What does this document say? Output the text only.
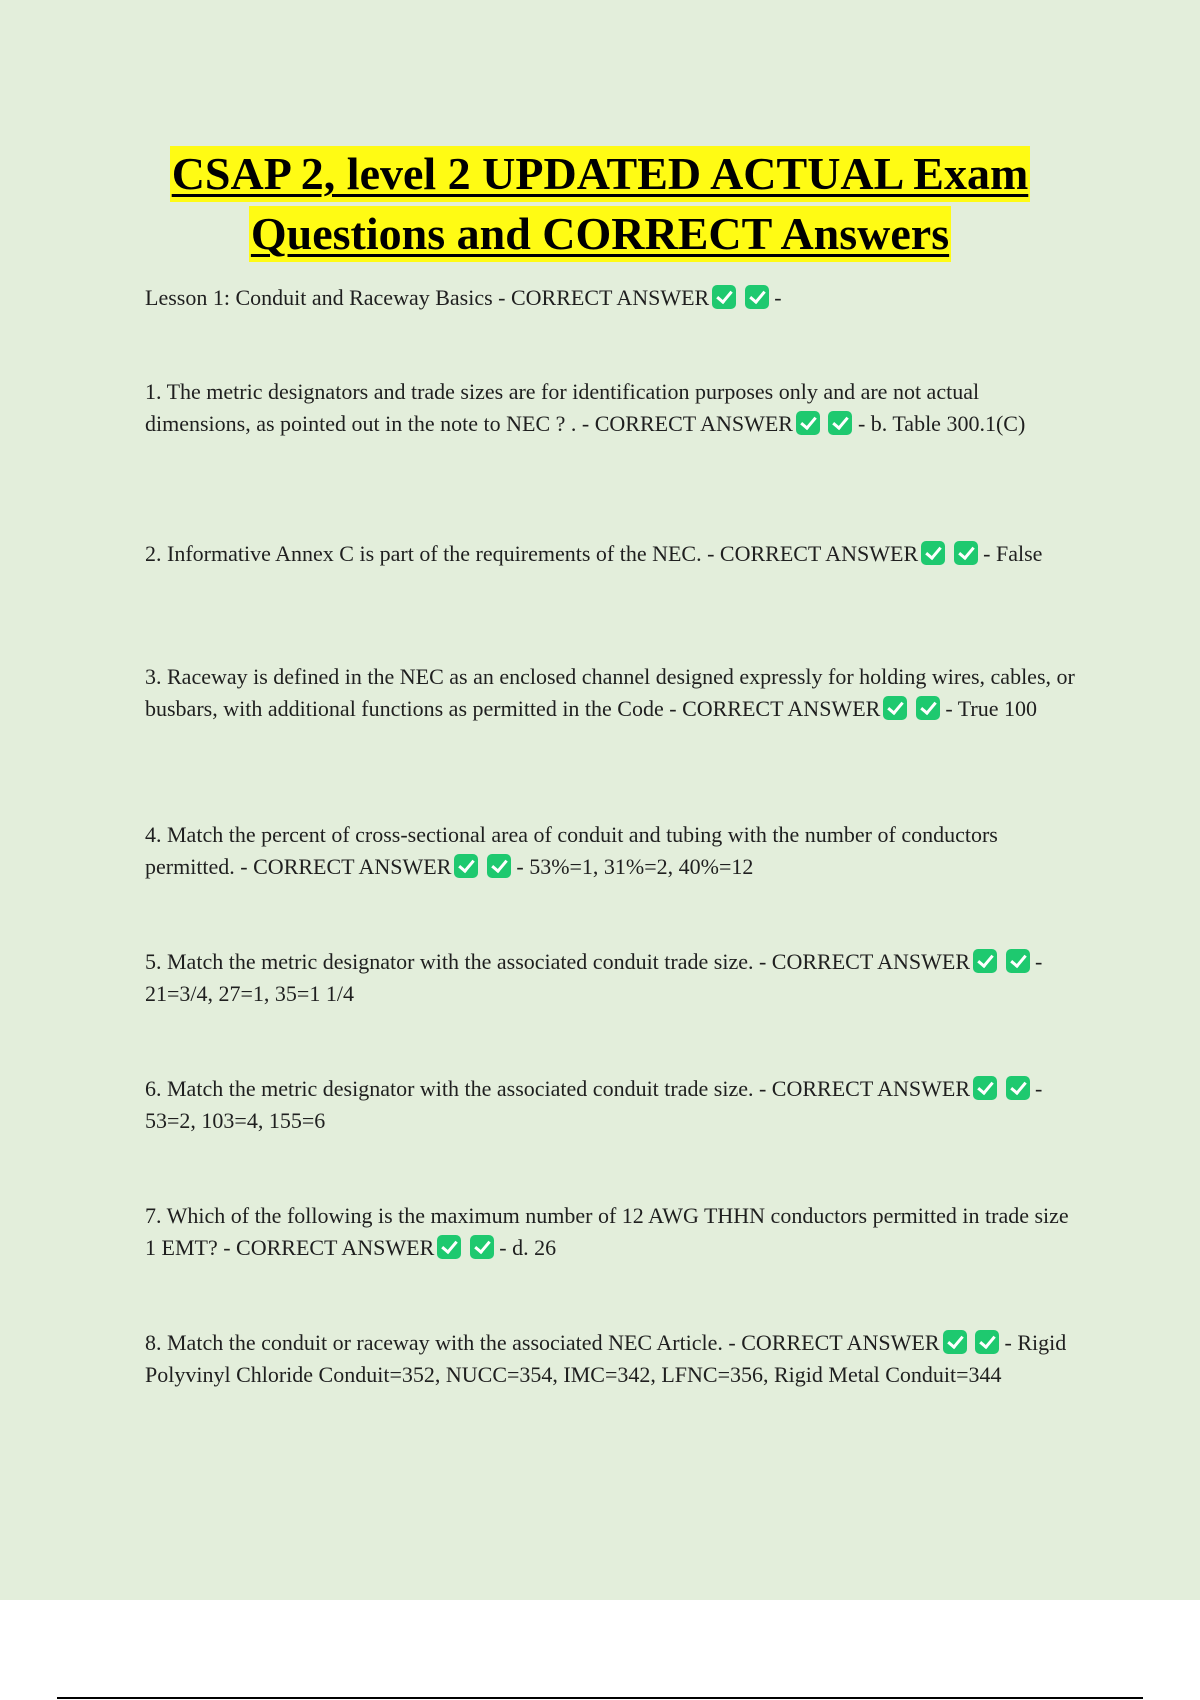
CSAP 2, level 2 UPDATED ACTUAL Exam
Questions and CORRECT Answers
Lesson 1: Conduit and Raceway Basics - CORRECT ANSWER	-
1. The metric designators and trade sizes are for identification purposes only and are not actual dimensions, as pointed out in the note to NEC ? . - CORRECT ANSWER	- b. Table 300.1(C)
2. Informative Annex C is part of the requirements of the NEC. - CORRECT ANSWER	- False
3. Raceway is defined in the NEC as an enclosed channel designed expressly for holding wires, cables, or busbars, with additional functions as permitted in the Code - CORRECT ANSWER	- True 100
4. Match the percent of cross-sectional area of conduit and tubing with the number of conductors permitted. - CORRECT ANSWER	- 53%=1, 31%=2, 40%=12
5. Match the metric designator with the associated conduit trade size. - CORRECT ANSWER	- 21=3/4, 27=1, 35=1 1/4
6. Match the metric designator with the associated conduit trade size. - CORRECT ANSWER	- 53=2, 103=4, 155=6
7. Which of the following is the maximum number of 12 AWG THHN conductors permitted in trade size 1 EMT? - CORRECT ANSWER	- d. 26
8. Match the conduit or raceway with the associated NEC Article. - CORRECT ANSWER	- Rigid Polyvinyl Chloride Conduit=352, NUCC=354, IMC=342, LFNC=356, Rigid Metal Conduit=344
